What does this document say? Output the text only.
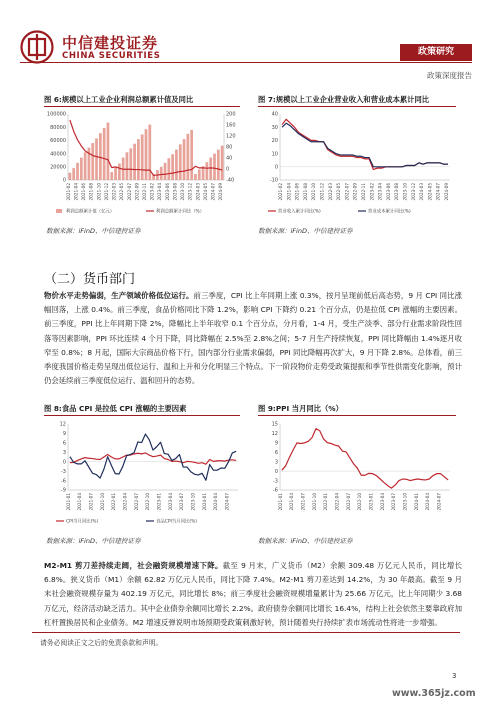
中信建投证券
CHINA SECURITIES	政策研究
政策深度报告
图 6:规模以上工业企业利润总额累计值及同比
0
20000
40000
60000
80000
100000
-40
0
40
80
120
160
200
2021-02 2021-04 2021-06 2021-08 2021-10 2021-12 2022-03 2022-05 2022-07 2022-09 2022-11 2023-02 2023-04 2023-06 2023-08 2023-10 2023-12 2024-03 2024-05 2024-07 2024-09
利润总额累计值（亿元）	利润总额累计同比（%）
数据来源：iFinD、中信建投证券
图 7:规模以上工业企业营业收入和营业成本累计同比
-10
0
10
20
30
40
2021-02 2021-04 2021-06 2021-08 2021-10 2021-12 2022-03 2022-05 2022-07 2022-09 2022-11 2023-02 2023-04 2023-06 2023-08 2023-10 2023-12 2024-03 2024-05 2024-07 2024-09
营业收入累计同比(%)	营业成本累计同比(%)
数据来源：iFinD、中信建投证券
（二）货币部门
物价水平走势偏弱，生产领域价格低位运行。前三季度，CPI 比上年同期上涨 0.3%，按月呈现前低后高态势，9 月 CPI 同比涨幅回落，上涨 0.4%。前三季度，食品价格同比下降 1.2%，影响 CPI 下降约 0.21 个百分点，仍是拉低 CPI 涨幅的主要因素。前三季度，PPI 比上年同期下降 2%，降幅比上半年收窄 0.1 个百分点，分月看，1-4 月，受生产淡季、部分行业需求阶段性回落等因素影响，PPI 环比连续 4 个月下降，同比降幅在 2.5%至 2.8%之间；5-7 月生产持续恢复，PPI 同比降幅由 1.4%逐月收窄至 0.8%；8 月起，国际大宗商品价格下行，国内部分行业需求偏弱，PPI 同比降幅再次扩大，9 月下降 2.8%。总体看，前三季度我国价格走势呈现出低位运行、温和上升和分化明显三个特点。下一阶段物价走势受政策提振和季节性供需变化影响，预计仍会延续前三季度低位运行、温和回升的态势。
图 8:食品 CPI 是拉低 CPI 涨幅的主要因素
-9
-6
-3
0
3
6
9
12
2021-01 2021-04 2021-07 2021-10 2022-01 2022-04 2022-07 2022-10 2023-01 2023-04 2023-07 2023-10 2024-01 2024-04 2024-07
CPI当月同比(%)	食品CPI当月同比(%)
数据来源：iFinD、中信建投证券
图 9:PPI 当月同比（%）
-6
-3
0
3
6
9
12
15
2021-01 2021-04 2021-07 2021-10 2022-01 2022-04 2022-07 2022-10 2023-01 2023-04 2023-07 2023-10 2024-01 2024-04 2024-07
数据来源：iFinD、中信建投证券
M2-M1 剪刀差持续走阔，社会融资规模增速下降。截至 9 月末，广义货币（M2）余额 309.48 万亿元人民币，同比增长 6.8%。狭义货币（M1）余额 62.82 万亿元人民币，同比下降 7.4%。M2-M1 剪刀差达到 14.2%，为 30 年最高。截至 9 月末社会融资规模存量为 402.19 万亿元，同比增长 8%；前三季度社会融资规模增量累计为 25.66 万亿元，比上年同期少 3.68 万亿元，经济活动缺乏活力。其中企业债券余额同比增长 2.2%。政府债券余额同比增长 16.4%，结构上社会依然主要靠政府加杠杆置换居民和企业债务。M2 增速反弹说明市场预期受政策刺激好转，预计随着央行持续扩表市场流动性将进一步增强。
请务必阅读正文之后的免责条款和声明。
3
www.365jz.com
